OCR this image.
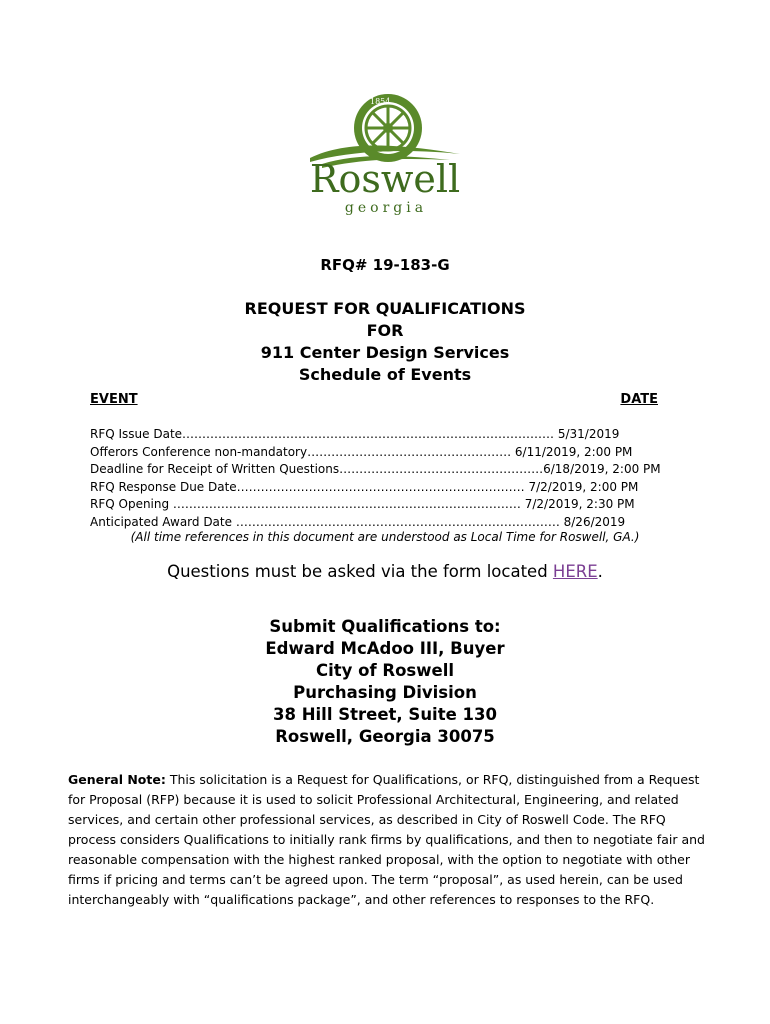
1854
Roswell
georgia
RFQ# 19-183-G
REQUEST FOR QUALIFICATIONS
FOR
911 Center Design Services
Schedule of Events
EVENT	DATE
RFQ Issue Date………………………………………………………………………………… 5/31/2019
Offerors Conference non-mandatory…………………………………………… 6/11/2019, 2:00 PM
Deadline for Receipt of Written Questions……………………………………………6/18/2019, 2:00 PM
RFQ Response Due Date……………………………………………………………… 7/2/2019, 2:00 PM
RFQ Opening …………………………………………………………………………… 7/2/2019, 2:30 PM
Anticipated Award Date ……………………………………………………………………… 8/26/2019
(All time references in this document are understood as Local Time for Roswell, GA.)
Questions must be asked via the form located HERE.
Submit Qualifications to:
Edward McAdoo III, Buyer
City of Roswell
Purchasing Division
38 Hill Street, Suite 130
Roswell, Georgia 30075
General Note: This solicitation is a Request for Qualifications, or RFQ, distinguished from a Request for Proposal (RFP) because it is used to solicit Professional Architectural, Engineering, and related services, and certain other professional services, as described in City of Roswell Code. The RFQ process considers Qualifications to initially rank firms by qualifications, and then to negotiate fair and reasonable compensation with the highest ranked proposal, with the option to negotiate with other firms if pricing and terms can’t be agreed upon. The term “proposal”, as used herein, can be used interchangeably with “qualifications package”, and other references to responses to the RFQ.
